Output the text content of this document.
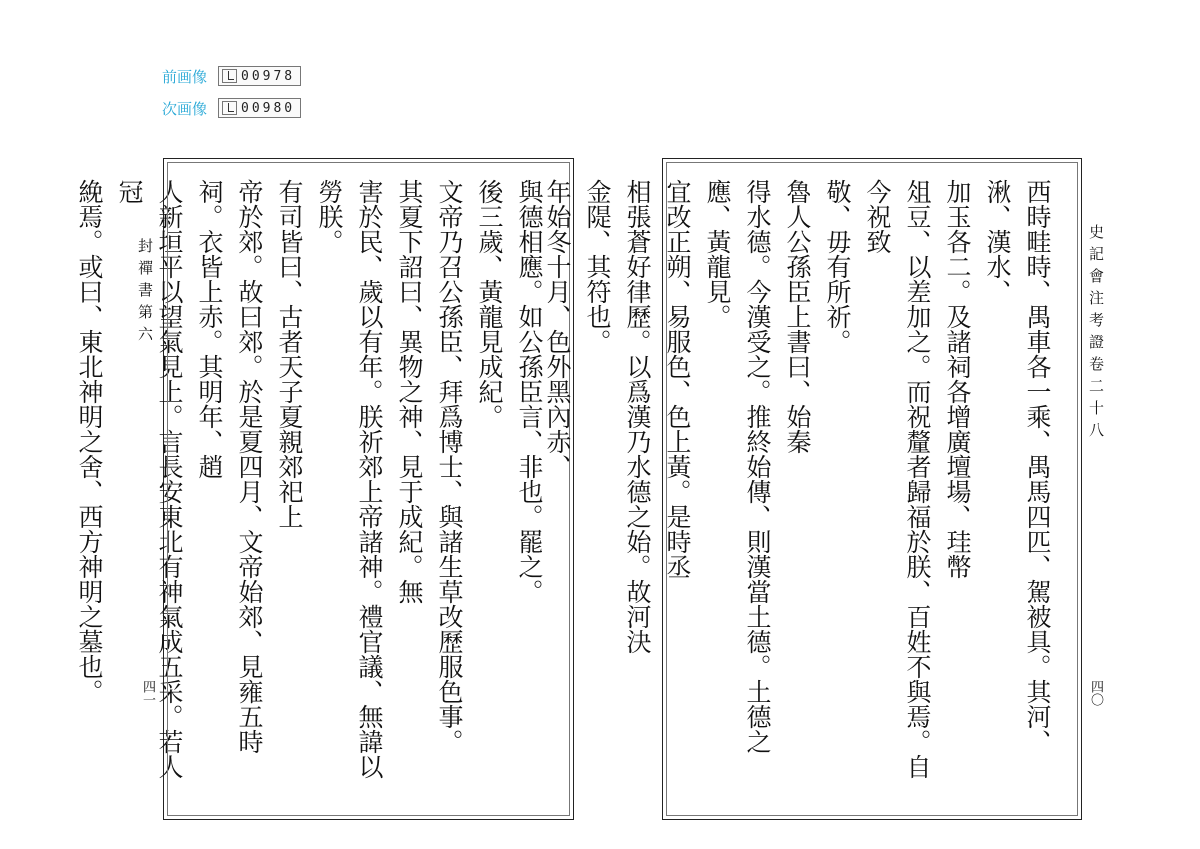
前画像	00978
次画像	00980
封禪書第六
四一

與德相應。如公孫臣言、非也。罷之。

後三歲、黃龍見成紀。

文帝乃召公孫臣、拜爲博士、與諸生草改歷服色事。

其夏下詔曰、異物之神、見于成紀。無

害於民、歲以有年。朕祈郊上帝諸神。禮官議、無諱以勞朕。

有司皆曰、古者天子夏親郊祀上

帝於郊。故曰郊。於是夏四月、文帝始郊、見雍五時

祠。衣皆上赤。其明年、趙

人新垣平以望氣見上。言長安東北有神氣成五采。若人冠

絻焉。或曰、東北神明之舍、西方神明之墓也。	史記會注考證卷二十八
四〇

西時畦時、禺車各一乘、禺馬四匹、駕被具。其河、湫、漢水、

加玉各二。及諸祠各增廣壇場、珪幣

俎豆、以差加之。而祝釐者歸福於朕、百姓不與焉。自今祝致

敬、毋有所祈。

魯人公孫臣上書曰、始秦

得水德。今漢受之。推終始傳、則漢當土德。土德之應、黃龍見。

宜改正朔、易服色、色上黃。是時丞

相張蒼好律歷。以爲漢乃水德之始。故河決

金隄、其符也。

年始冬十月、色外黑內赤、
